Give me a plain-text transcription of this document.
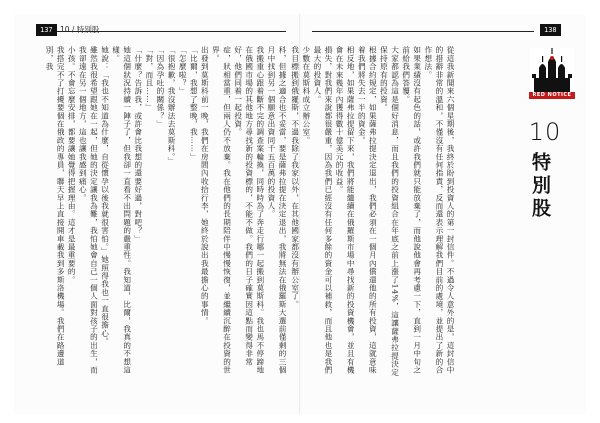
137 10 / 特別股	138
科，但據之適合也不妥當，要是薩弗拉提在決定退出，我將無法在俄羅斯大選前僅剩的三個月中找到另一個願意出資同千五百萬的投資人。
我搬重心跟着斷不完的調查案輪換，同時時為了奔走行哪一起搬到莫斯科。我也馬不停蹄地在俄國市場的其他地方尋找新的投資標的，不能不做。我們的日子確實因這點而變得非常好，他們同着一起投資。
症，狀相當重，但兩人仍不放棄。我在他們的長期陪伴中慢慢恢復，並繼續沉醉在投資的世界。
出發到莫斯科前一晚，我們在房間內收拾行李，她終於說出我最擔心的事情。
「比爾，我想了整晚，我……」
「怎麼啦？」
「很抱歉，我沒辦法去莫斯科。」
「因為孕吐的關係？」
「對，而且……」
「什麼？告訴我，或許會比我想的還要好過，對吧？」
她這個狀況持續一陣子了，但我卻一直看不出問題的嚴重性。我知道，比爾，我真的不想這樣。
她說：「我也不知道為什麼，自從懷孕以後我就很害怕。」她照得我也一直很擔心。
雖然我很希望跟她在一起，但她的決定讓我為難，我怕她會自己一個人面對孩子的出生，而我卻遠在另一個地方，這也讓我感到痛心。
小孩。不會忘麼安排，都要讓她覺得把握理由。這才是最重要的。
我搭完不了打擾要個在俄政的專員，聯天早上直接開車載我到多斯洛機場。我們在路邊道別，我	從這我新聞來六個星期後，我終於盼到投資人的第一封信件。不過令人意外的是，這封信中的措辭非常的溫和，不僅沒有任何指責，反而還表示理解我們目前的處境，並提出了新的合作想法。
如果業績沒有起色的話，或許我們就只能放棄了，而他說他會再考慮一下，直到一月中旬之前給我們答覆。
大家都認為這是個好消息，而且我們的投資組合在年底之前上漲了14%，這讓薩弗拉提決定保持原有的投資。
根據合約規定，如果薩弗拉提決定退出，我們必須在一個月內償還他的所有投資，這就意味着我們將失去一半的資金。
相反地，如果薩弗拉提留下來，我們將能繼續在俄羅斯市場中尋找新的投資機會，並且有機會在未來幾年內獲得數十億美元的收益。
損失，對我們來說都很嚴重，因為我們已經沒有任何多餘的資金可以補救，而且他也是我們最大的投資人。
少數在莫斯科成立辦公室。
我目標搬到俄羅斯，不過我除了我家以外，在其他國家都沒有辦公室了。	RED NOTICE
10
特別股
